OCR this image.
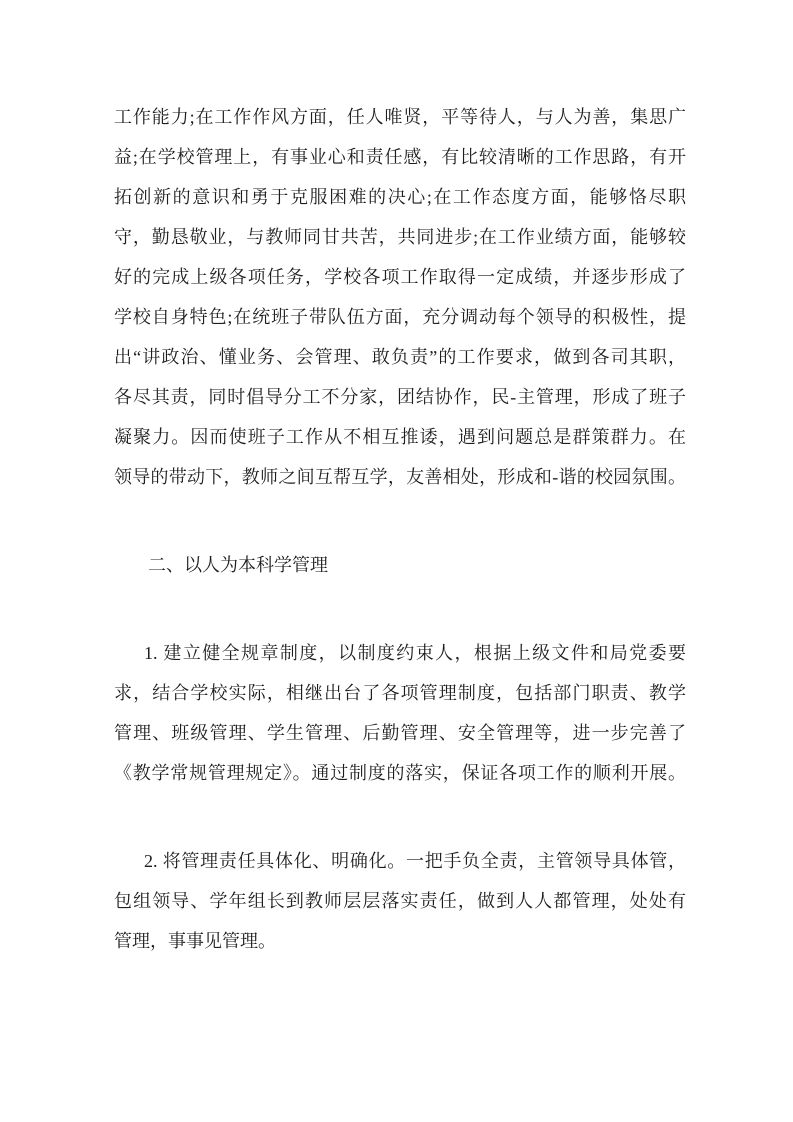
工作能力;在工作作风方面，任人唯贤，平等待人，与人为善，集思广
益;在学校管理上，有事业心和责任感，有比较清晰的工作思路，有开
拓创新的意识和勇于克服困难的决心;在工作态度方面，能够恪尽职
守，勤恳敬业，与教师同甘共苦，共同进步;在工作业绩方面，能够较
好的完成上级各项任务，学校各项工作取得一定成绩，并逐步形成了
学校自身特色;在统班子带队伍方面，充分调动每个领导的积极性，提
出“讲政治、懂业务、会管理、敢负责”的工作要求，做到各司其职，
各尽其责，同时倡导分工不分家，团结协作，民-主管理，形成了班子
凝聚力。因而使班子工作从不相互推诿，遇到问题总是群策群力。在
领导的带动下，教师之间互帮互学，友善相处，形成和-谐的校园氛围。
二、以人为本科学管理
1. 建立健全规章制度，以制度约束人，根据上级文件和局党委要
求，结合学校实际，相继出台了各项管理制度，包括部门职责、教学
管理、班级管理、学生管理、后勤管理、安全管理等，进一步完善了
《教学常规管理规定》。通过制度的落实，保证各项工作的顺利开展。
2. 将管理责任具体化、明确化。一把手负全责，主管领导具体管，
包组领导、学年组长到教师层层落实责任，做到人人都管理，处处有
管理，事事见管理。
